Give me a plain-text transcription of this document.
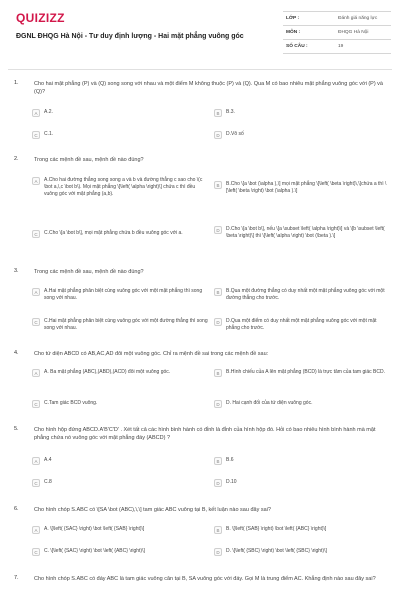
QUIZIZZ
ĐGNL ĐHQG Hà Nội - Tư duy định lượng - Hai mặt phẳng vuông góc
LỚP :	Đánh giá năng lực
MÔN :	ĐHQG Hà Nội
SỐ CÂU :	19
1.	Cho hai mặt phẳng (P) và (Q) song song với nhau và một điểm M không thuộc (P) và (Q). Qua M có bao nhiêu mặt phẳng vuông góc với (P) và (Q)?
A	A.2.	B	B.3.
C	C.1.	D	D.Vô số
2.	Trong các mệnh đề sau, mệnh đề nào đúng?
A	A.Cho hai đường thẳng song song a và b và đường thẳng c sao cho \(c \bot a,\,c \bot b\). Mọi mặt phẳng \[\left( \alpha \right)\] chứa c thì đều vuông góc với mặt phẳng (a,b).
B	B.Cho \[a \bot (\alpha ),\] mọi mặt phẳng \[\left( \beta \right)\,\]chứa a thì \[\left( \beta \right) \bot (\alpha ).\]
C	C.Cho \[a \bot b\], mọi mặt phẳng chứa b đều vuông góc với a.	D	D.Cho \[a \bot b\], nếu \[a \subset \left( \alpha \right)\] và \[b \subset \left( \beta \right)\] thì \[\left( \alpha \right) \bot (\beta ).\]
3.	Trong các mệnh đề sau, mệnh đề nào đúng?
A	A.Hai mặt phẳng phân biệt cùng vuông góc với một mặt phẳng thì song song với nhau.
B	B.Qua một đường thẳng có duy nhất một mặt phẳng vuông góc với một đường thẳng cho trước.
C	C.Hai mặt phẳng phân biệt cùng vuông góc với một đường thẳng thì song song với nhau.
D	D.Qua một điểm có duy nhất một mặt phẳng vuông góc với một mặt phẳng cho trước.
4.	Cho tứ diện ABCD có AB,AC,AD đôi một vuông góc. Chỉ ra mệnh đề sai trong các mệnh đề sau:
A	A. Ba mặt phẳng (ABC),(ABD),(ACD) đôi một vuông góc.	B	B.Hình chiếu của A lên mặt phẳng (BCD) là trực tâm của tam giác BCD.
C	C.Tam giác BCD vuông.	D	D. Hai cạnh đối của tứ diện vuông góc.
5.	Cho hình hộp đứng ABCD.A'B'C'D' . Xét tất cả các hình bình hành có đỉnh là đỉnh của hình hộp đó. Hỏi có bao nhiêu hình bình hành mà mặt phẳng chứa nó vuông góc với mặt phẳng đáy (ABCD) ?
A	A.4	B	B.6
C	C.8	D	D.10
6.	Cho hình chóp S.ABC có \[SA \bot (ABC),\,\] tam giác ABC vuông tại B, kết luận nào sau đây sai?
A	A. \[\left( {SAC} \right) \bot \left( {SAB} \right)\]	B	B. \[\left( {SAB} \right) \bot \left( {ABC} \right)\]
C	C. \[\left( {SAC} \right) \bot \left( {ABC} \right)\]	D	D. \[\left( {SBC} \right) \bot \left( {SBC} \right)\]
7.	Cho hình chóp S.ABC có đáy ABC là tam giác vuông cân tại B, SA vuông góc với đáy. Gọi M là trung điểm AC. Khẳng định nào sau đây sai?
